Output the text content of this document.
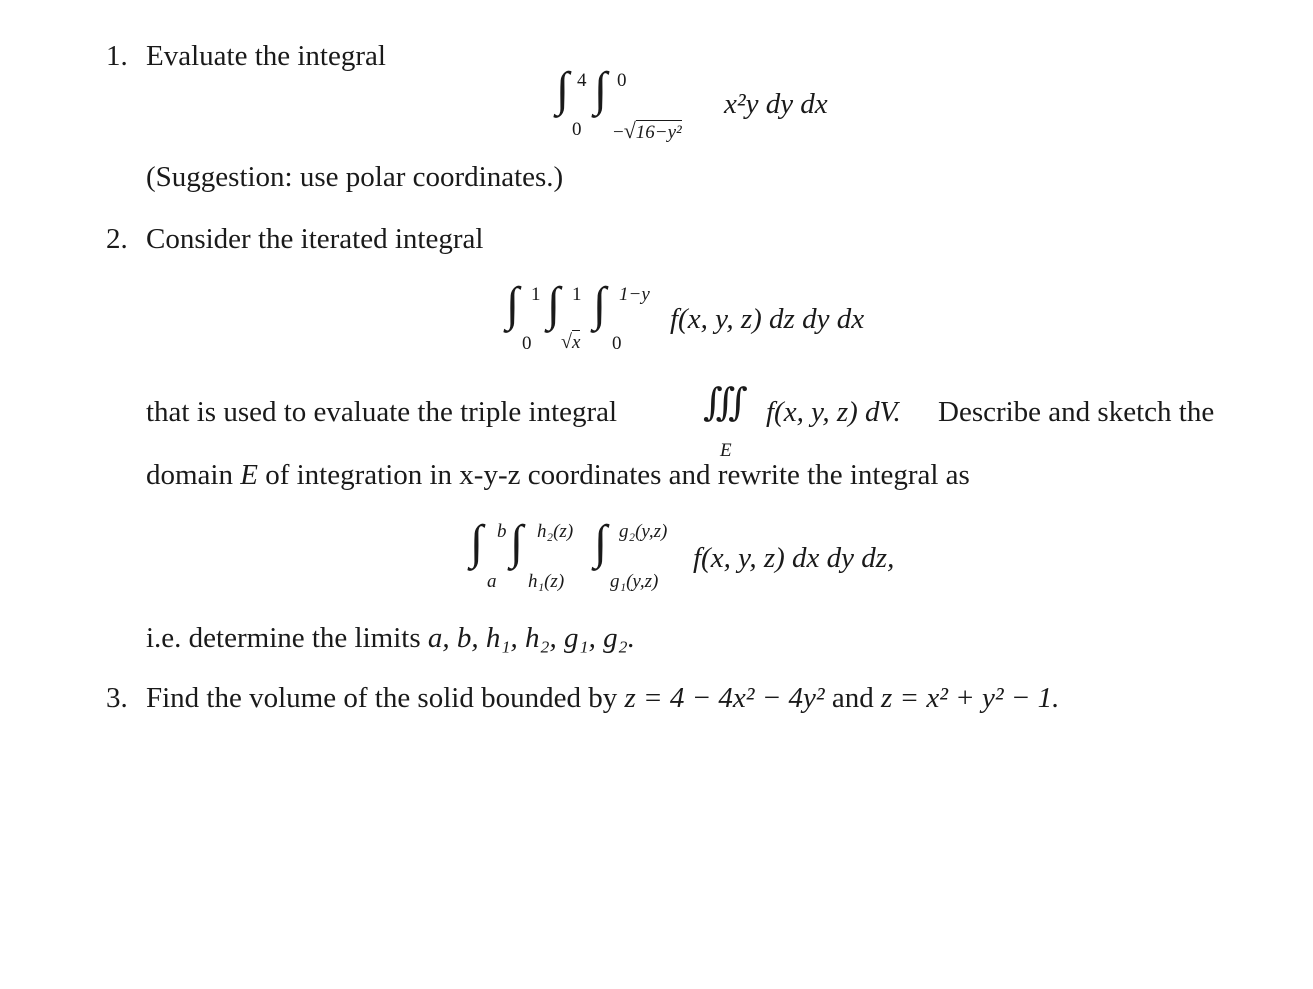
1. Evaluate the integral
∫ 4
0
∫ 0
−√16−y²
x²y dy dx
(Suggestion: use polar coordinates.)
2. Consider the iterated integral
∫ 1
0
∫ 1
√x
∫ 1−y
0
f(x, y, z) dz dy dx
that is used to evaluate the triple integral ∭
E
f(x, y, z) dV. Describe and sketch the
domain E of integration in x-y-z coordinates and rewrite the integral as
∫ b
a
∫ h₂(z)
h₁(z)
∫ g₂(y,z)
g₁(y,z)
f(x, y, z) dx dy dz,
i.e. determine the limits a, b, h₁, h₂, g₁, g₂.
3. Find the volume of the solid bounded by z = 4 − 4x² − 4y² and z = x² + y² − 1.
